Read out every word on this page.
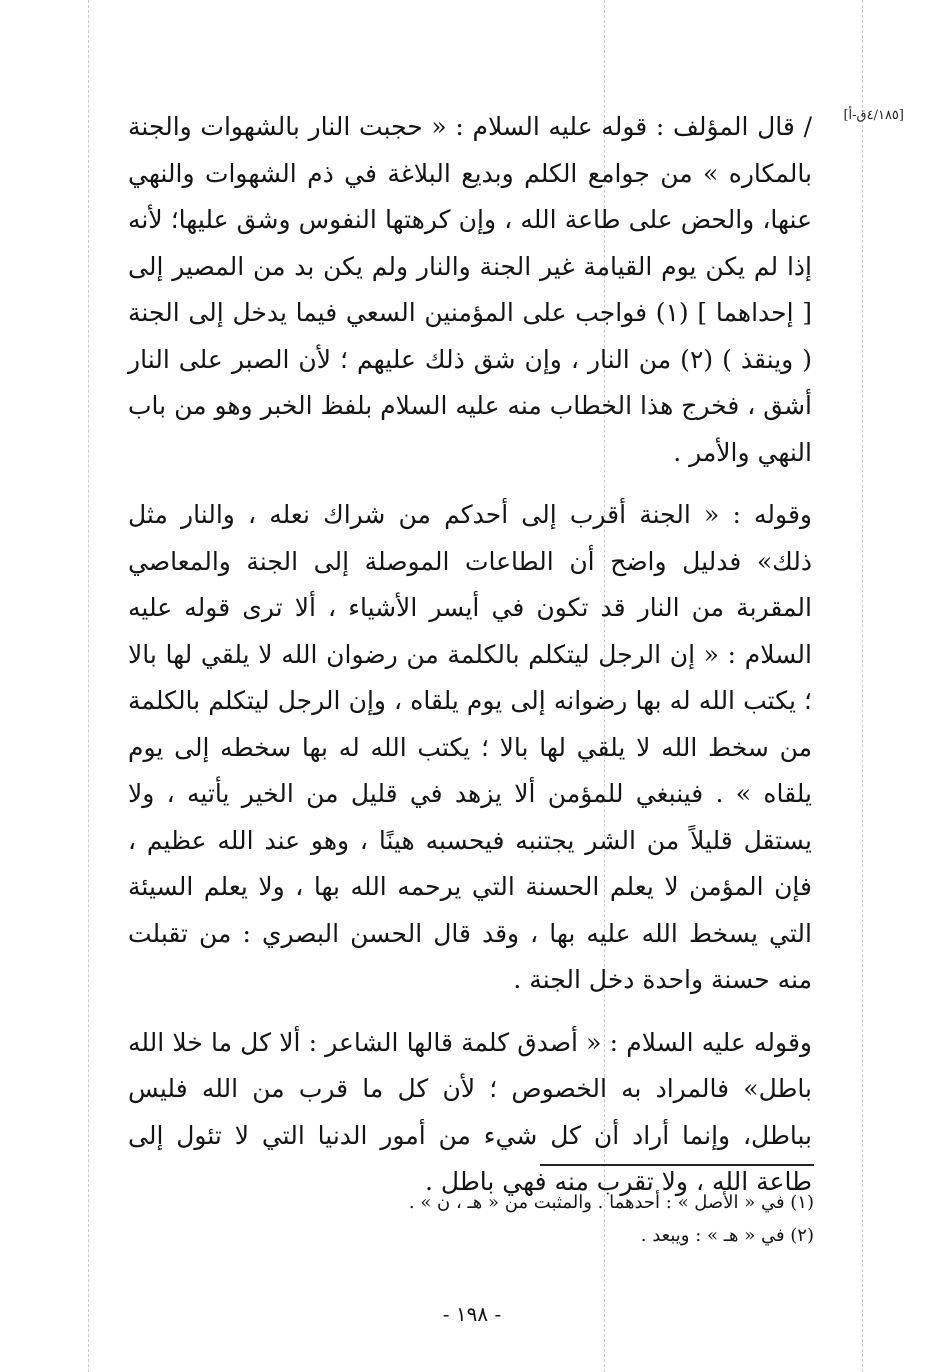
[٤/١٨٥ق-أ]

/ قال المؤلف : قوله عليه السلام : « حجبت النار بالشهوات والجنة بالمكاره » من جوامع الكلم وبديع البلاغة في ذم الشهوات والنهي عنها، والحض على طاعة الله ، وإن كرهتها النفوس وشق عليها؛ لأنه إذا لم يكن يوم القيامة غير الجنة والنار ولم يكن بد من المصير إلى [ إحداهما ] (١) فواجب على المؤمنين السعي فيما يدخل إلى الجنة ( وينقذ ) (٢) من النار ، وإن شق ذلك عليهم ؛ لأن الصبر على النار أشق ، فخرج هذا الخطاب منه عليه السلام بلفظ الخبر وهو من باب النهي والأمر .

وقوله : « الجنة أقرب إلى أحدكم من شراك نعله ، والنار مثل ذلك» فدليل واضح أن الطاعات الموصلة إلى الجنة والمعاصي المقربة من النار قد تكون في أيسر الأشياء ، ألا ترى قوله عليه السلام : « إن الرجل ليتكلم بالكلمة من رضوان الله لا يلقي لها بالا ؛ يكتب الله له بها رضوانه إلى يوم يلقاه ، وإن الرجل ليتكلم بالكلمة من سخط الله لا يلقي لها بالا ؛ يكتب الله له بها سخطه إلى يوم يلقاه » . فينبغي للمؤمن ألا يزهد في قليل من الخير يأتيه ، ولا يستقل قليلاً من الشر يجتنبه فيحسبه هينًا ، وهو عند الله عظيم ، فإن المؤمن لا يعلم الحسنة التي يرحمه الله بها ، ولا يعلم السيئة التي يسخط الله عليه بها ، وقد قال الحسن البصري : من تقبلت منه حسنة واحدة دخل الجنة .

وقوله عليه السلام : « أصدق كلمة قالها الشاعر : ألا كل ما خلا الله باطل» فالمراد به الخصوص ؛ لأن كل ما قرب من الله فليس بباطل، وإنما أراد أن كل شيء من أمور الدنيا التي لا تئول إلى طاعة الله ، ولا تقرب منه فهي باطل .

(١) في « الأصل » : أحدهما . والمثبت من « هـ ، ن » .

(٢) في « هـ » : ويبعد .

- ١٩٨ -
